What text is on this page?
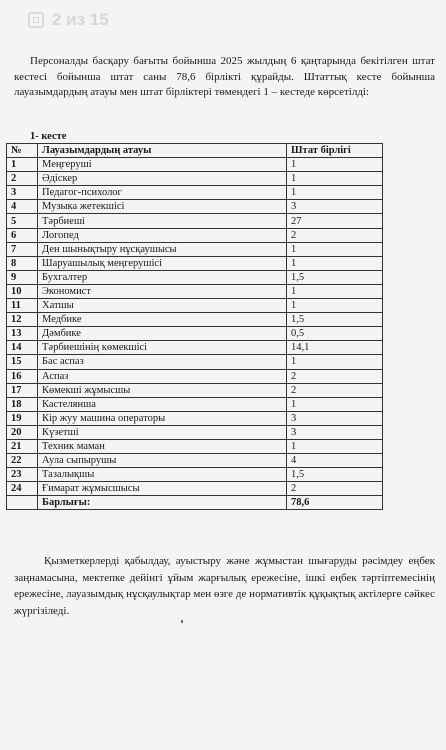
2 из 15

Персоналды басқару бағыты бойынша 2025 жылдың 6 қаңтарында бекітілген штат кестесі бойынша штат саны 78,6 бірлікті құрайды. Штаттық кесте бойынша лауазымдардың атауы мен штат бірліктері төмендегі 1 – кестеде көрсетілді:

1- кесте
№	Лауазымдардың атауы	Штат бірлігі
1	Меңгеруші	1
2	Әдіскер	1
3	Педагог-психолог	1
4	Музыка жетекшісі	3
5	Тәрбиеші	27
6	Логопед	2
7	Ден шынықтыру нұсқаушысы	1
8	Шаруашылық меңгерушісі	1
9	Бухгалтер	1,5
10	Экономист	1
11	Хатшы	1
12	Медбике	1,5
13	Дәмбике	0,5
14	Тәрбиешінің көмекшісі	14,1
15	Бас аспаз	1
16	Аспаз	2
17	Көмекші жұмысшы	2
18	Кастелянша	1
19	Кір жуу машина операторы	3
20	Күзетші	3
21	Техник маман	1
22	Аула сыпырушы	4
23	Тазалықшы	1,5
24	Ғимарат жұмысшысы	2
	Барлығы:	78,6

Қызметкерлерді қабылдау, ауыстыру және жұмыстан шығаруды рәсімдеу еңбек заңнамасына, мектепке дейінгі ұйым жарғылық ережесіне, ішкі еңбек тәртіптемесінің ережесіне, лауазымдық нұсқаулықтар мен өзге де нормативтік құқықтық актілерге сәйкес жүргізіледі.
